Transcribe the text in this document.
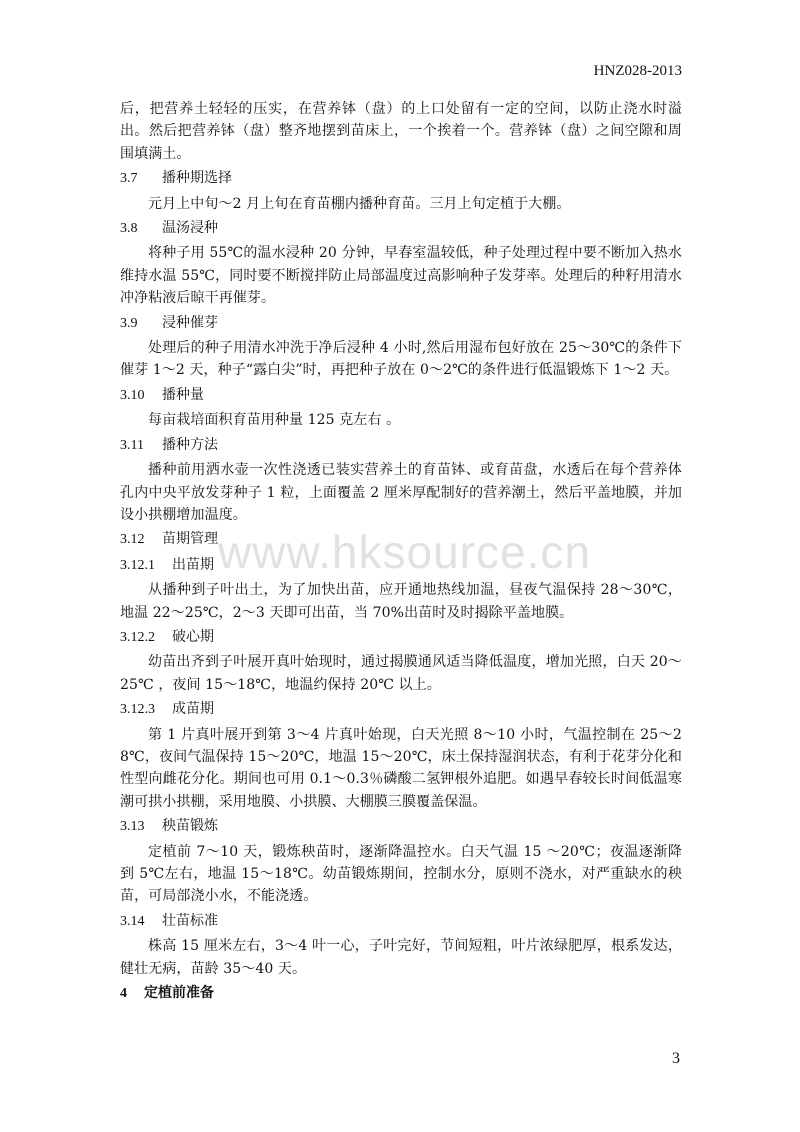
HNZ028-2013

后，把营养土轻轻的压实，在营养钵（盘）的上口处留有一定的空间，以防止浇水时溢出。然后把营养钵（盘）整齐地摆到苗床上，一个挨着一个。营养钵（盘）之间空隙和周围填满土。

3.7 播种期选择

元月上中旬～2 月上旬在育苗棚内播种育苗。三月上旬定植于大棚。

3.8 温汤浸种

将种子用 55℃的温水浸种 20 分钟，早春室温较低，种子处理过程中要不断加入热水维持水温 55℃，同时要不断搅拌防止局部温度过高影响种子发芽率。处理后的种籽用清水冲净粘液后晾干再催芽。

3.9 浸种催芽

处理后的种子用清水冲洗于净后浸种 4 小时,然后用湿布包好放在 25～30℃的条件下催芽 1～2 天，种子“露白尖”时，再把种子放在 0～2℃的条件进行低温锻炼下 1～2 天。

3.10 播种量

每亩栽培面积育苗用种量 125 克左右 。

3.11 播种方法

播种前用洒水壶一次性浇透已装实营养土的育苗钵、或育苗盘，水透后在每个营养体孔内中央平放发芽种子 1 粒，上面覆盖 2 厘米厚配制好的营养潮土，然后平盖地膜，并加设小拱棚增加温度。

3.12 苗期管理
3.12.1 出苗期

从播种到子叶出土，为了加快出苗，应开通地热线加温，昼夜气温保持 28～30℃，地温 22～25℃，2～3 天即可出苗，当 70%出苗时及时揭除平盖地膜。

3.12.2 破心期

幼苗出齐到子叶展开真叶始现时，通过揭膜通风适当降低温度，增加光照，白天 20～25℃ ，夜间 15～18℃，地温约保持 20℃ 以上。

3.12.3 成苗期

第 1 片真叶展开到第 3～4 片真叶始现，白天光照 8～10 小时，气温控制在 25～28℃，夜间气温保持 15～20℃，地温 15～20℃，床土保持湿润状态，有利于花芽分化和性型向雌花分化。期间也可用 0.1～0.3％磷酸二氢钾根外追肥。如遇早春较长时间低温寒潮可拱小拱棚，采用地膜、小拱膜、大棚膜三膜覆盖保温。

3.13 秧苗锻炼

定植前 7～10 天，锻炼秧苗时，逐渐降温控水。白天气温 15 ～20℃；夜温逐渐降到 5℃左右，地温 15～18℃。幼苗锻炼期间，控制水分，原则不浇水，对严重缺水的秧苗，可局部浇小水，不能浇透。

3.14 壮苗标准

株高 15 厘米左右，3～4 叶一心，子叶完好，节间短粗，叶片浓绿肥厚，根系发达，健壮无病，苗龄 35～40 天。

4 定植前准备
www.hksource.cn
3
